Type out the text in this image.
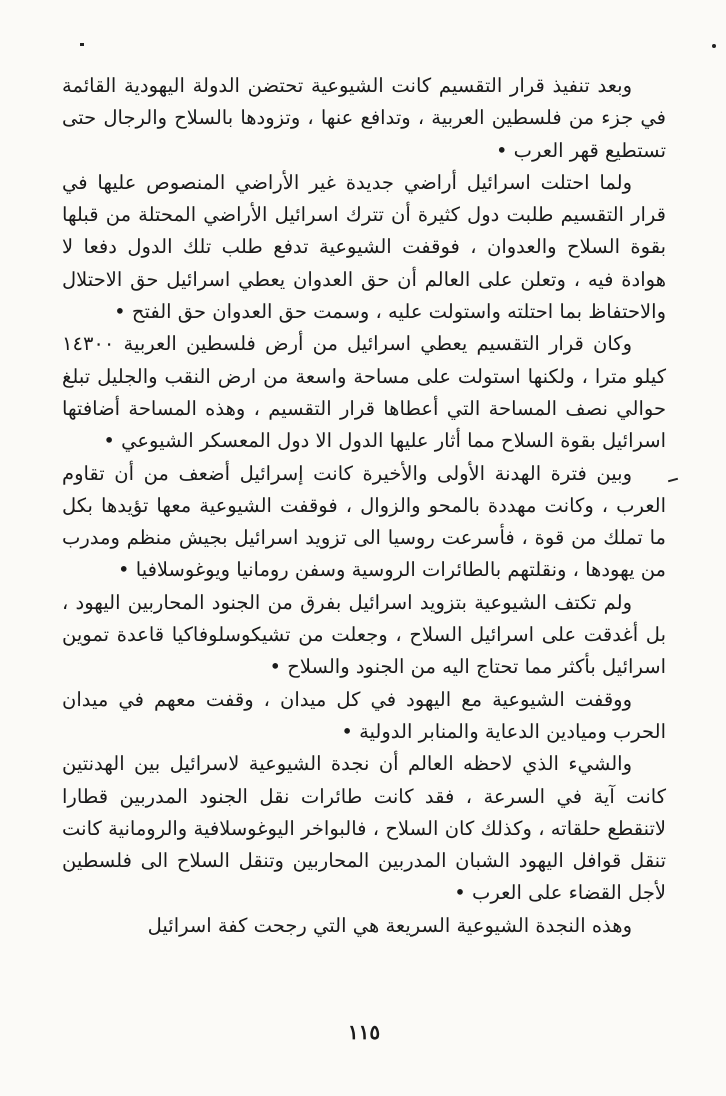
وبعد تنفيذ قرار التقسيم كانت الشيوعية تحتضن الدولة اليهودية القائمة في جزء من فلسطين العربية ، وتدافع عنها ، وتزودها بالسلاح والرجال حتى تستطيع قهر العرب •

ولما احتلت اسرائيل أراضي جديدة غير الأراضي المنصوص عليها في قرار التقسيم طلبت دول كثيرة أن تترك اسرائيل الأراضي المحتلة من قبلها بقوة السلاح والعدوان ، فوقفت الشيوعية تدفع طلب تلك الدول دفعا لا هوادة فيه ، وتعلن على العالم أن حق العدوان يعطي اسرائيل حق الاحتلال والاحتفاظ بما احتلته واستولت عليه ، وسمت حق العدوان حق الفتح •

وكان قرار التقسيم يعطي اسرائيل من أرض فلسطين العربية ١٤٣٠٠ كيلو مترا ، ولكنها استولت على مساحة واسعة من ارض النقب والجليل تبلغ حوالي نصف المساحة التي أعطاها قرار التقسيم ، وهذه المساحة أضافتها اسرائيل بقوة السلاح مما أثار عليها الدول الا دول المعسكر الشيوعي •

وبين فترة الهدنة الأولى والأخيرة كانت إسرائيل أضعف من أن تقاوم العرب ، وكانت مهددة بالمحو والزوال ، فوقفت الشيوعية معها تؤيدها بكل ما تملك من قوة ، فأسرعت روسيا الى تزويد اسرائيل بجيش منظم ومدرب من يهودها ، ونقلتهم بالطائرات الروسية وسفن رومانيا ويوغوسلافيا •

ولم تكتف الشيوعية بتزويد اسرائيل بفرق من الجنود المحاربين اليهود ، بل أغدقت على اسرائيل السلاح ، وجعلت من تشيكوسلوفاكيا قاعدة تموين اسرائيل بأكثر مما تحتاج اليه من الجنود والسلاح •

ووقفت الشيوعية مع اليهود في كل ميدان ، وقفت معهم في ميدان الحرب وميادين الدعاية والمنابر الدولية •

والشيء الذي لاحظه العالم أن نجدة الشيوعية لاسرائيل بين الهدنتين كانت آية في السرعة ، فقد كانت طائرات نقل الجنود المدربين قطارا لاتنقطع حلقاته ، وكذلك كان السلاح ، فالبواخر اليوغوسلافية والرومانية كانت تنقل قوافل اليهود الشبان المدربين المحاربين وتنقل السلاح الى فلسطين لأجل القضاء على العرب •

وهذه النجدة الشيوعية السريعة هي التي رجحت كفة اسرائيل

١١٥
